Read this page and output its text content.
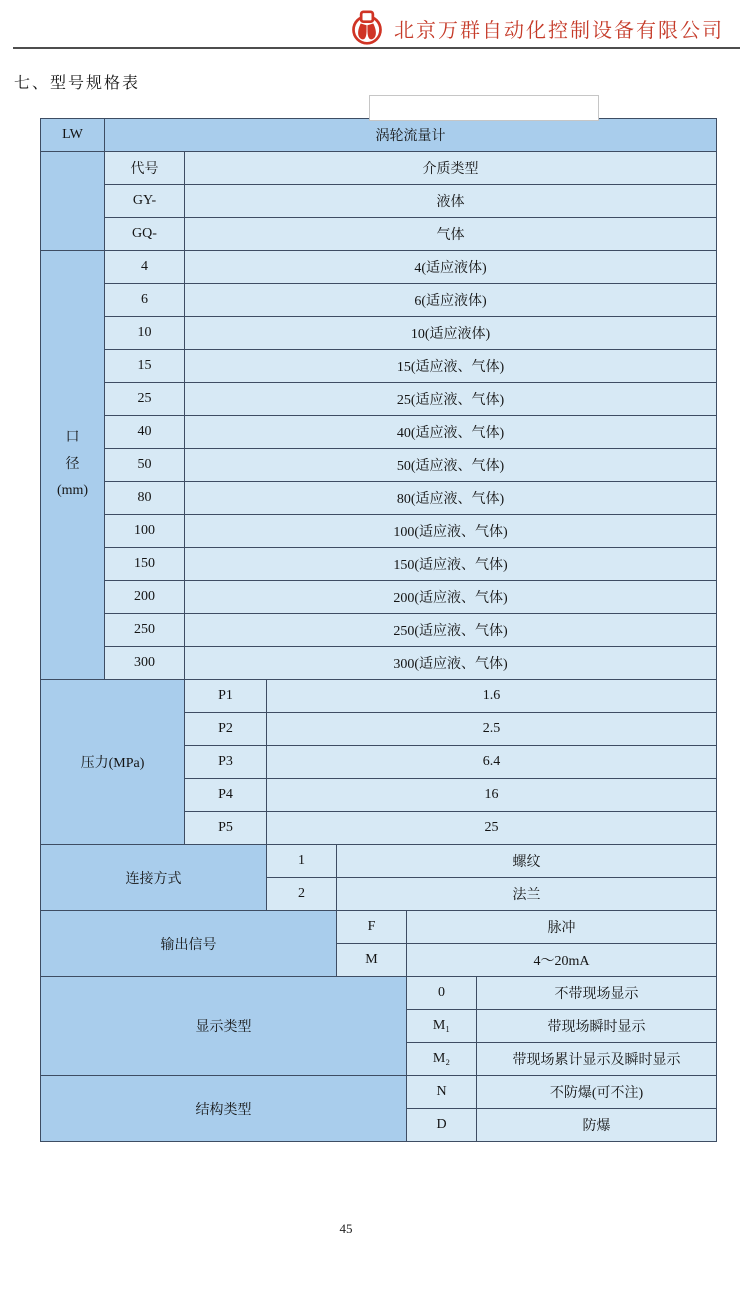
北京万群自动化控制设备有限公司
七、型号规格表
LW	涡轮流量计					
	代号	介质类型				
	GY-	液体				
	GQ-	气体				

口
径
(mm)	4	4(适应液体)				
	6	6(适应液体)				
	10	10(适应液体)				
	15	15(适应液、气体)				
	25	25(适应液、气体)				
	40	40(适应液、气体)				
	50	50(适应液、气体)				
	80	80(适应液、气体)				
	100	100(适应液、气体)				
	150	150(适应液、气体)				
	200	200(适应液、气体)				
	250	250(适应液、气体)				
	300	300(适应液、气体)				
压力(MPa)		P1	1.6			
		P2	2.5			
		P3	6.4			
		P4	16			
		P5	25			
连接方式			1	螺纹		
			2	法兰		
输出信号				F	脉冲	
				M	4～20mA	
显示类型					0	不带现场显示
					M₁	带现场瞬时显示
					M₂	带现场累计显示及瞬时显示
结构类型					N	不防爆(可不注)
					D	防爆
45
